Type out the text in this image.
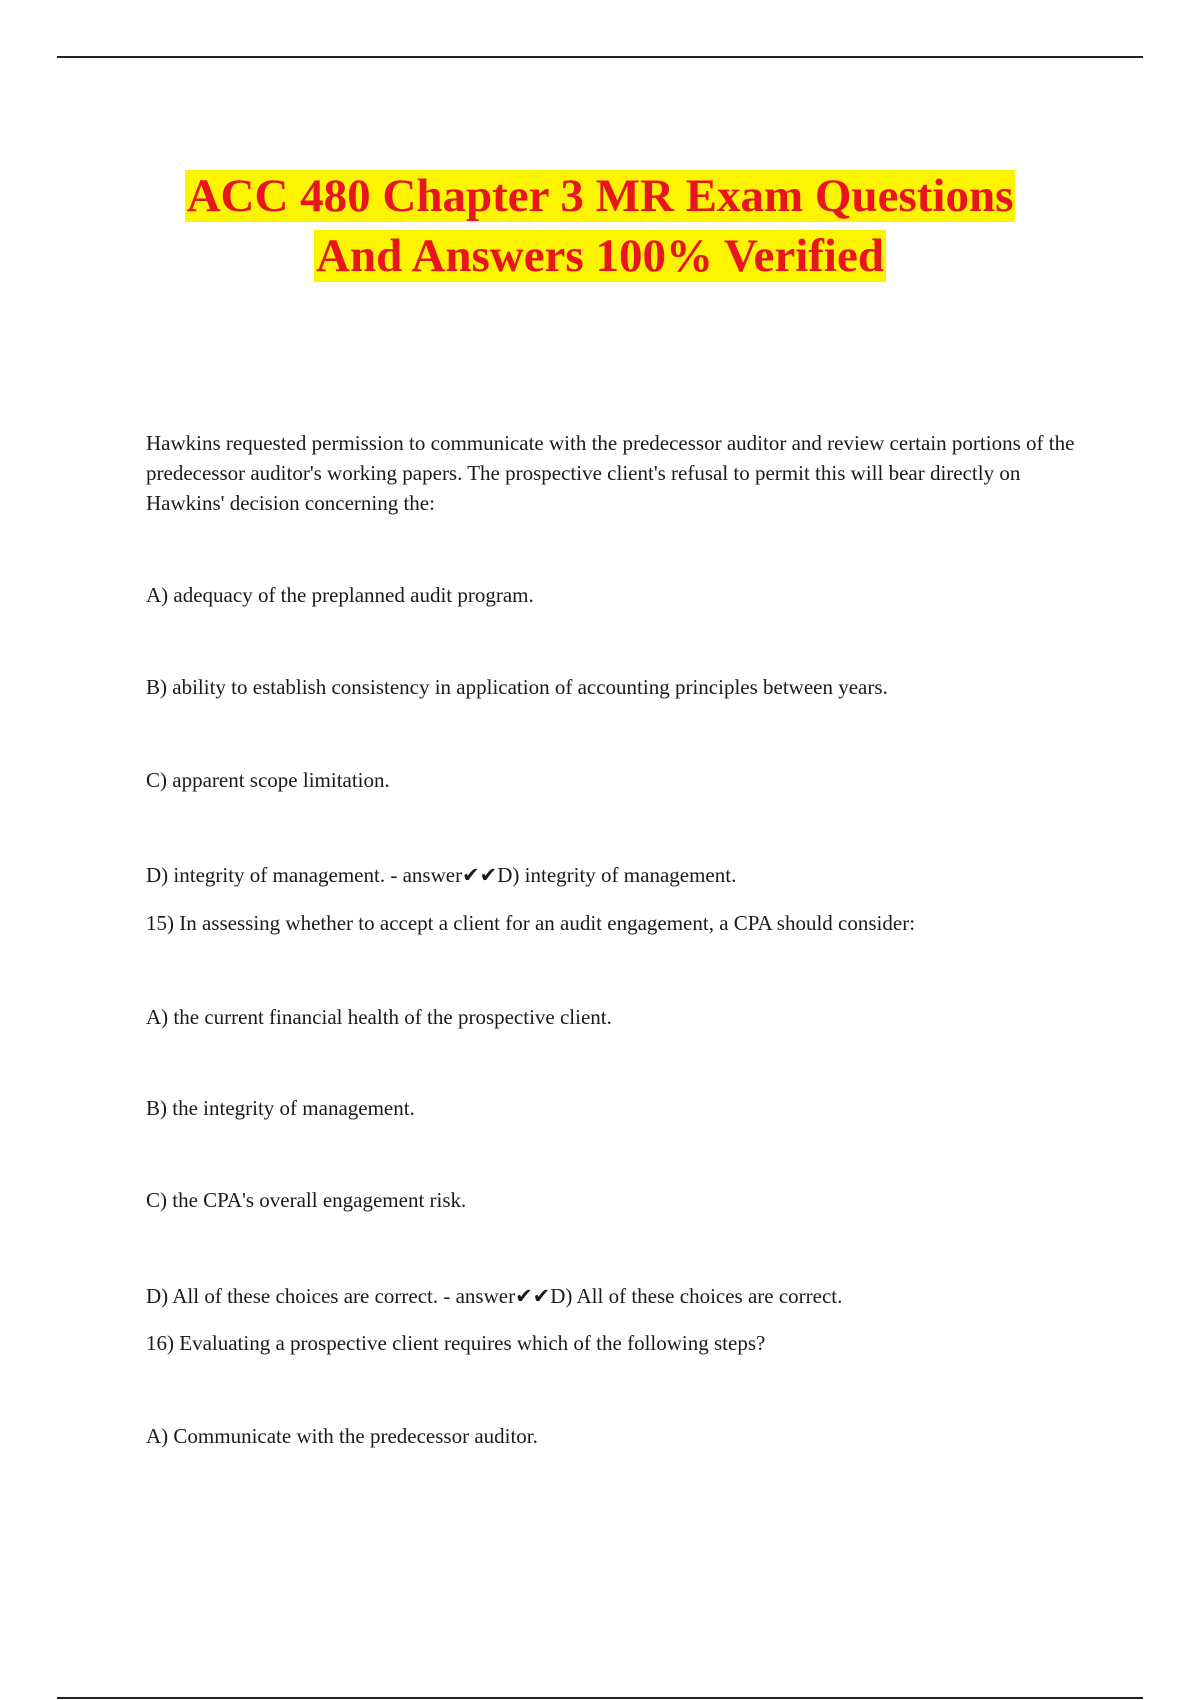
ACC 480 Chapter 3 MR Exam Questions
And Answers 100% Verified

Hawkins requested permission to communicate with the predecessor auditor and review certain portions of the predecessor auditor's working papers. The prospective client's refusal to permit this will bear directly on Hawkins' decision concerning the:

A) adequacy of the preplanned audit program.

B) ability to establish consistency in application of accounting principles between years.

C) apparent scope limitation.

D) integrity of management. - answer✔✔D) integrity of management.

15) In assessing whether to accept a client for an audit engagement, a CPA should consider:

A) the current financial health of the prospective client.

B) the integrity of management.

C) the CPA's overall engagement risk.

D) All of these choices are correct. - answer✔✔D) All of these choices are correct.

16) Evaluating a prospective client requires which of the following steps?

A) Communicate with the predecessor auditor.
